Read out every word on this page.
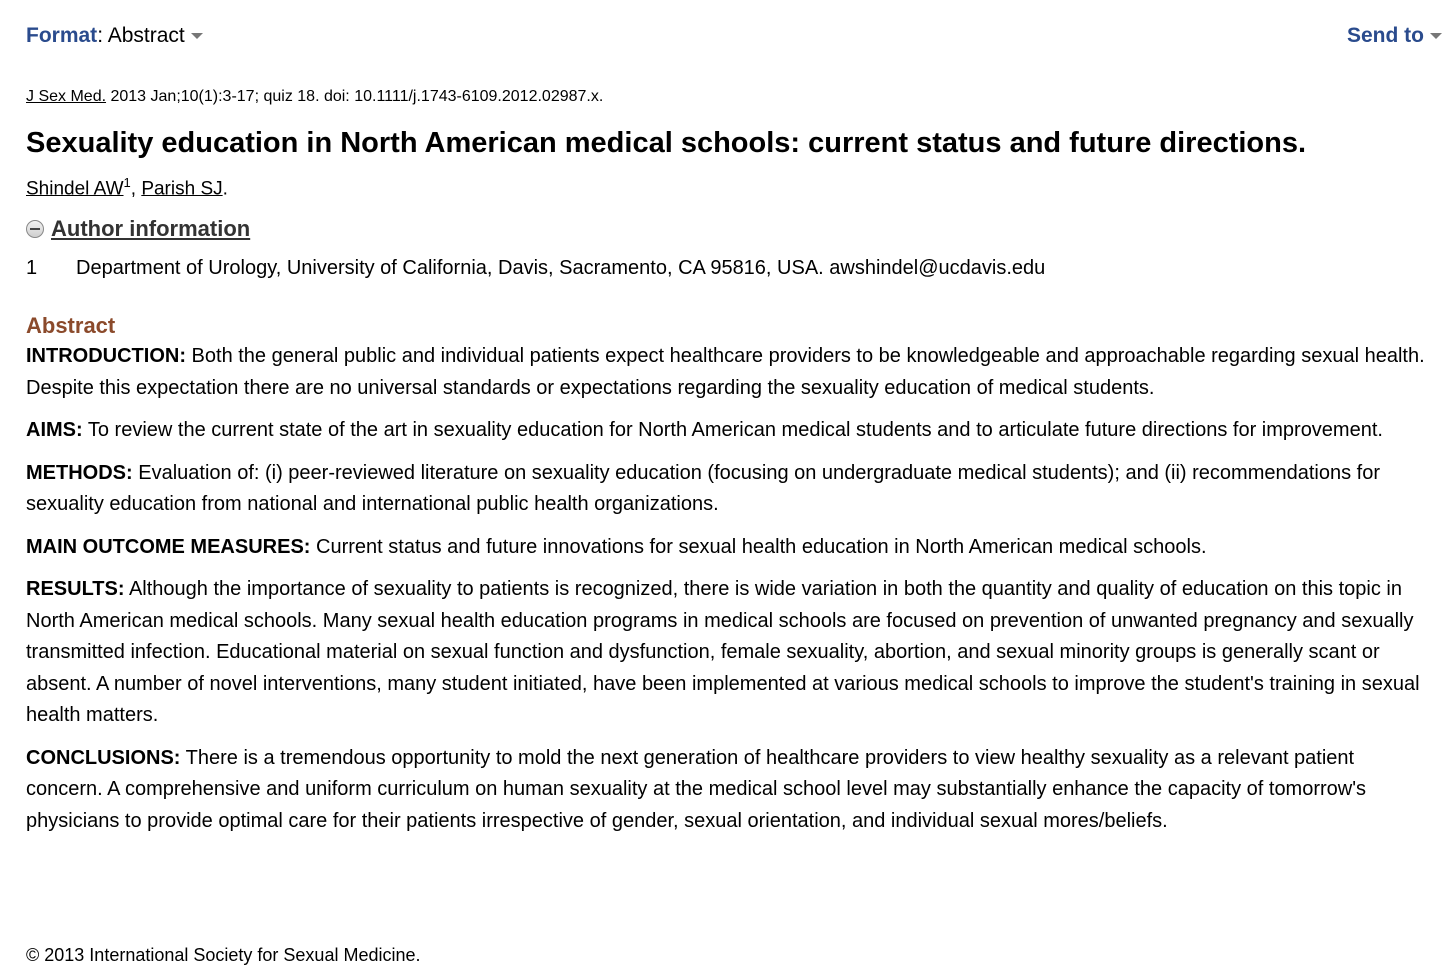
Format: Abstract	Send to
J Sex Med. 2013 Jan;10(1):3-17; quiz 18. doi: 10.1111/j.1743-6109.2012.02987.x.
Sexuality education in North American medical schools: current status and future directions.
Shindel $AW^1$, Parish SJ.
Author information
1	Department of Urology, University of California, Davis, Sacramento, CA 95816, USA. awshindel@ucdavis.edu
Abstract

INTRODUCTION: Both the general public and individual patients expect healthcare providers to be knowledgeable and approachable regarding sexual health. Despite this expectation there are no universal standards or expectations regarding the sexuality education of medical students.

AIMS: To review the current state of the art in sexuality education for North American medical students and to articulate future directions for improvement.

METHODS: Evaluation of: (i) peer-reviewed literature on sexuality education (focusing on undergraduate medical students); and (ii) recommendations for sexuality education from national and international public health organizations.

MAIN OUTCOME MEASURES: Current status and future innovations for sexual health education in North American medical schools.

RESULTS: Although the importance of sexuality to patients is recognized, there is wide variation in both the quantity and quality of education on this topic in North American medical schools. Many sexual health education programs in medical schools are focused on prevention of unwanted pregnancy and sexually transmitted infection. Educational material on sexual function and dysfunction, female sexuality, abortion, and sexual minority groups is generally scant or absent. A number of novel interventions, many student initiated, have been implemented at various medical schools to improve the student's training in sexual health matters.

CONCLUSIONS: There is a tremendous opportunity to mold the next generation of healthcare providers to view healthy sexuality as a relevant patient concern. A comprehensive and uniform curriculum on human sexuality at the medical school level may substantially enhance the capacity of tomorrow's physicians to provide optimal care for their patients irrespective of gender, sexual orientation, and individual sexual mores/beliefs.

© 2013 International Society for Sexual Medicine.
